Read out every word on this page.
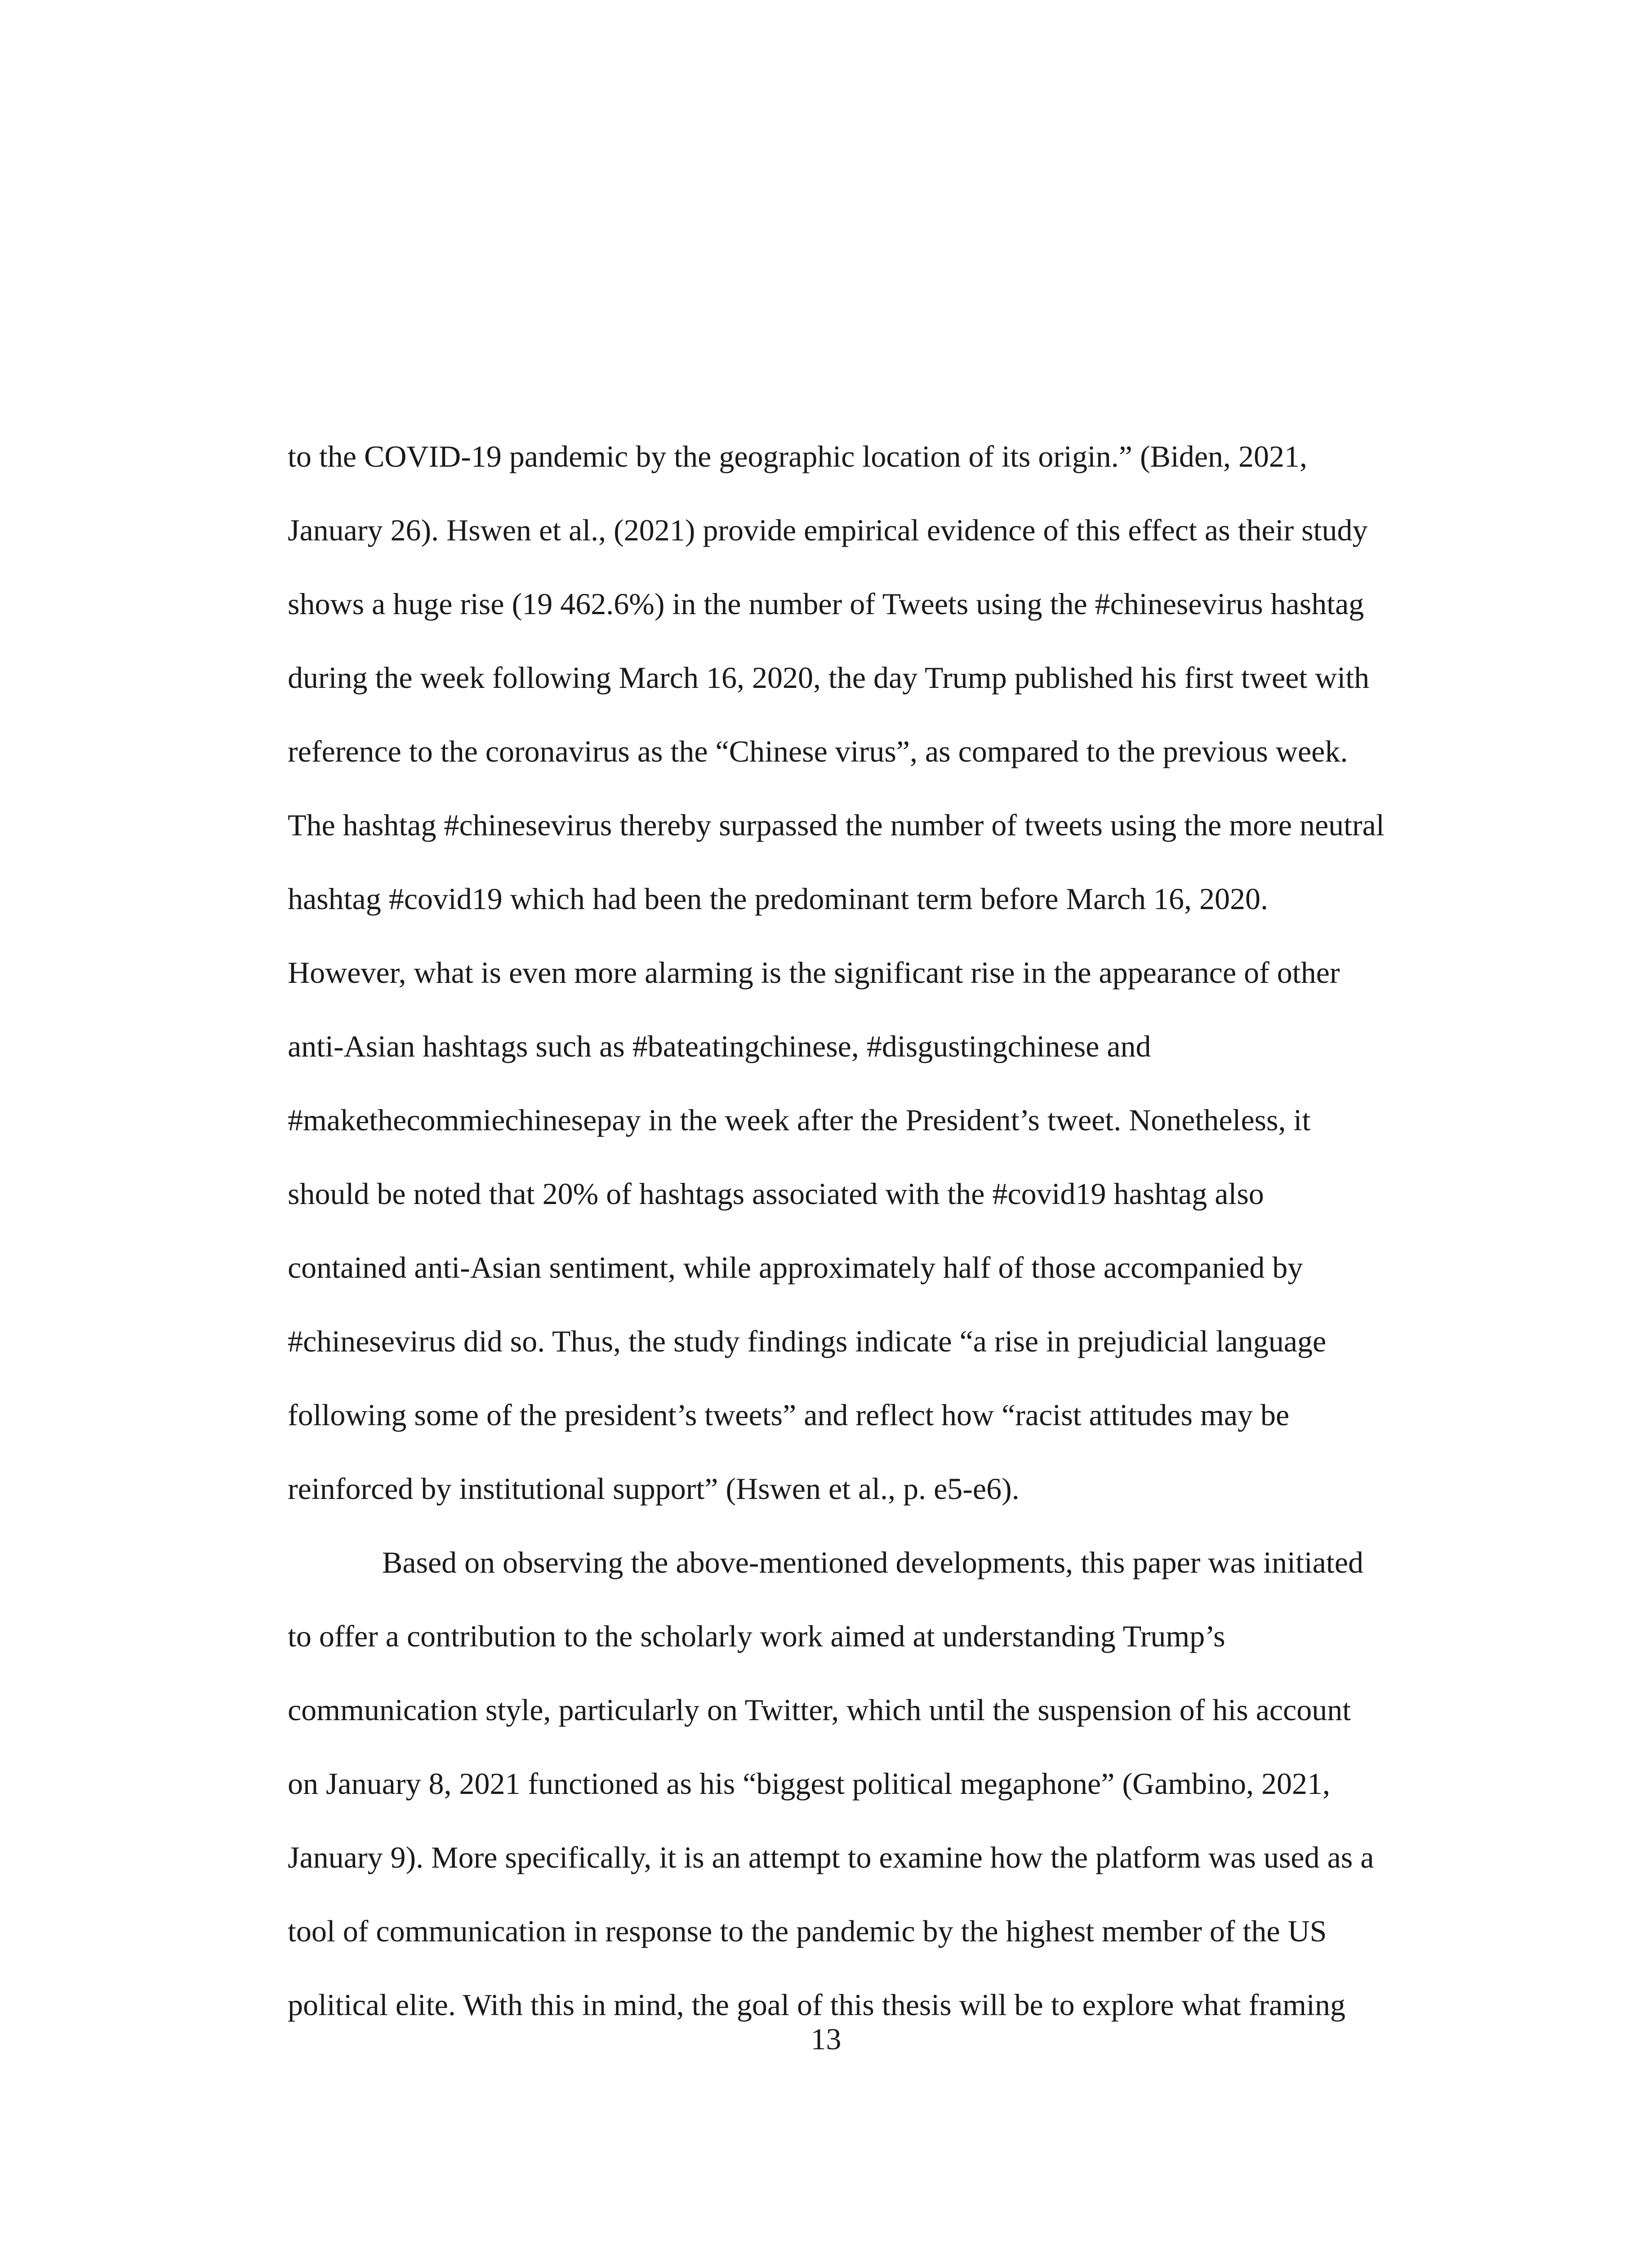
to the COVID-19 pandemic by the geographic location of its origin.” (Biden, 2021,
January 26). Hswen et al., (2021) provide empirical evidence of this effect as their study
shows a huge rise (19 462.6%) in the number of Tweets using the #chinesevirus hashtag
during the week following March 16, 2020, the day Trump published his first tweet with
reference to the coronavirus as the “Chinese virus”, as compared to the previous week.
The hashtag #chinesevirus thereby surpassed the number of tweets using the more neutral
hashtag #covid19 which had been the predominant term before March 16, 2020.
However, what is even more alarming is the significant rise in the appearance of other
anti-Asian hashtags such as #bateatingchinese, #disgustingchinese and
#makethecommiechinesepay in the week after the President’s tweet. Nonetheless, it
should be noted that 20% of hashtags associated with the #covid19 hashtag also
contained anti-Asian sentiment, while approximately half of those accompanied by
#chinesevirus did so. Thus, the study findings indicate “a rise in prejudicial language
following some of the president’s tweets” and reflect how “racist attitudes may be
reinforced by institutional support” (Hswen et al., p. e5-e6).
Based on observing the above-mentioned developments, this paper was initiated
to offer a contribution to the scholarly work aimed at understanding Trump’s
communication style, particularly on Twitter, which until the suspension of his account
on January 8, 2021 functioned as his “biggest political megaphone” (Gambino, 2021,
January 9). More specifically, it is an attempt to examine how the platform was used as a
tool of communication in response to the pandemic by the highest member of the US
political elite. With this in mind, the goal of this thesis will be to explore what framing
13
